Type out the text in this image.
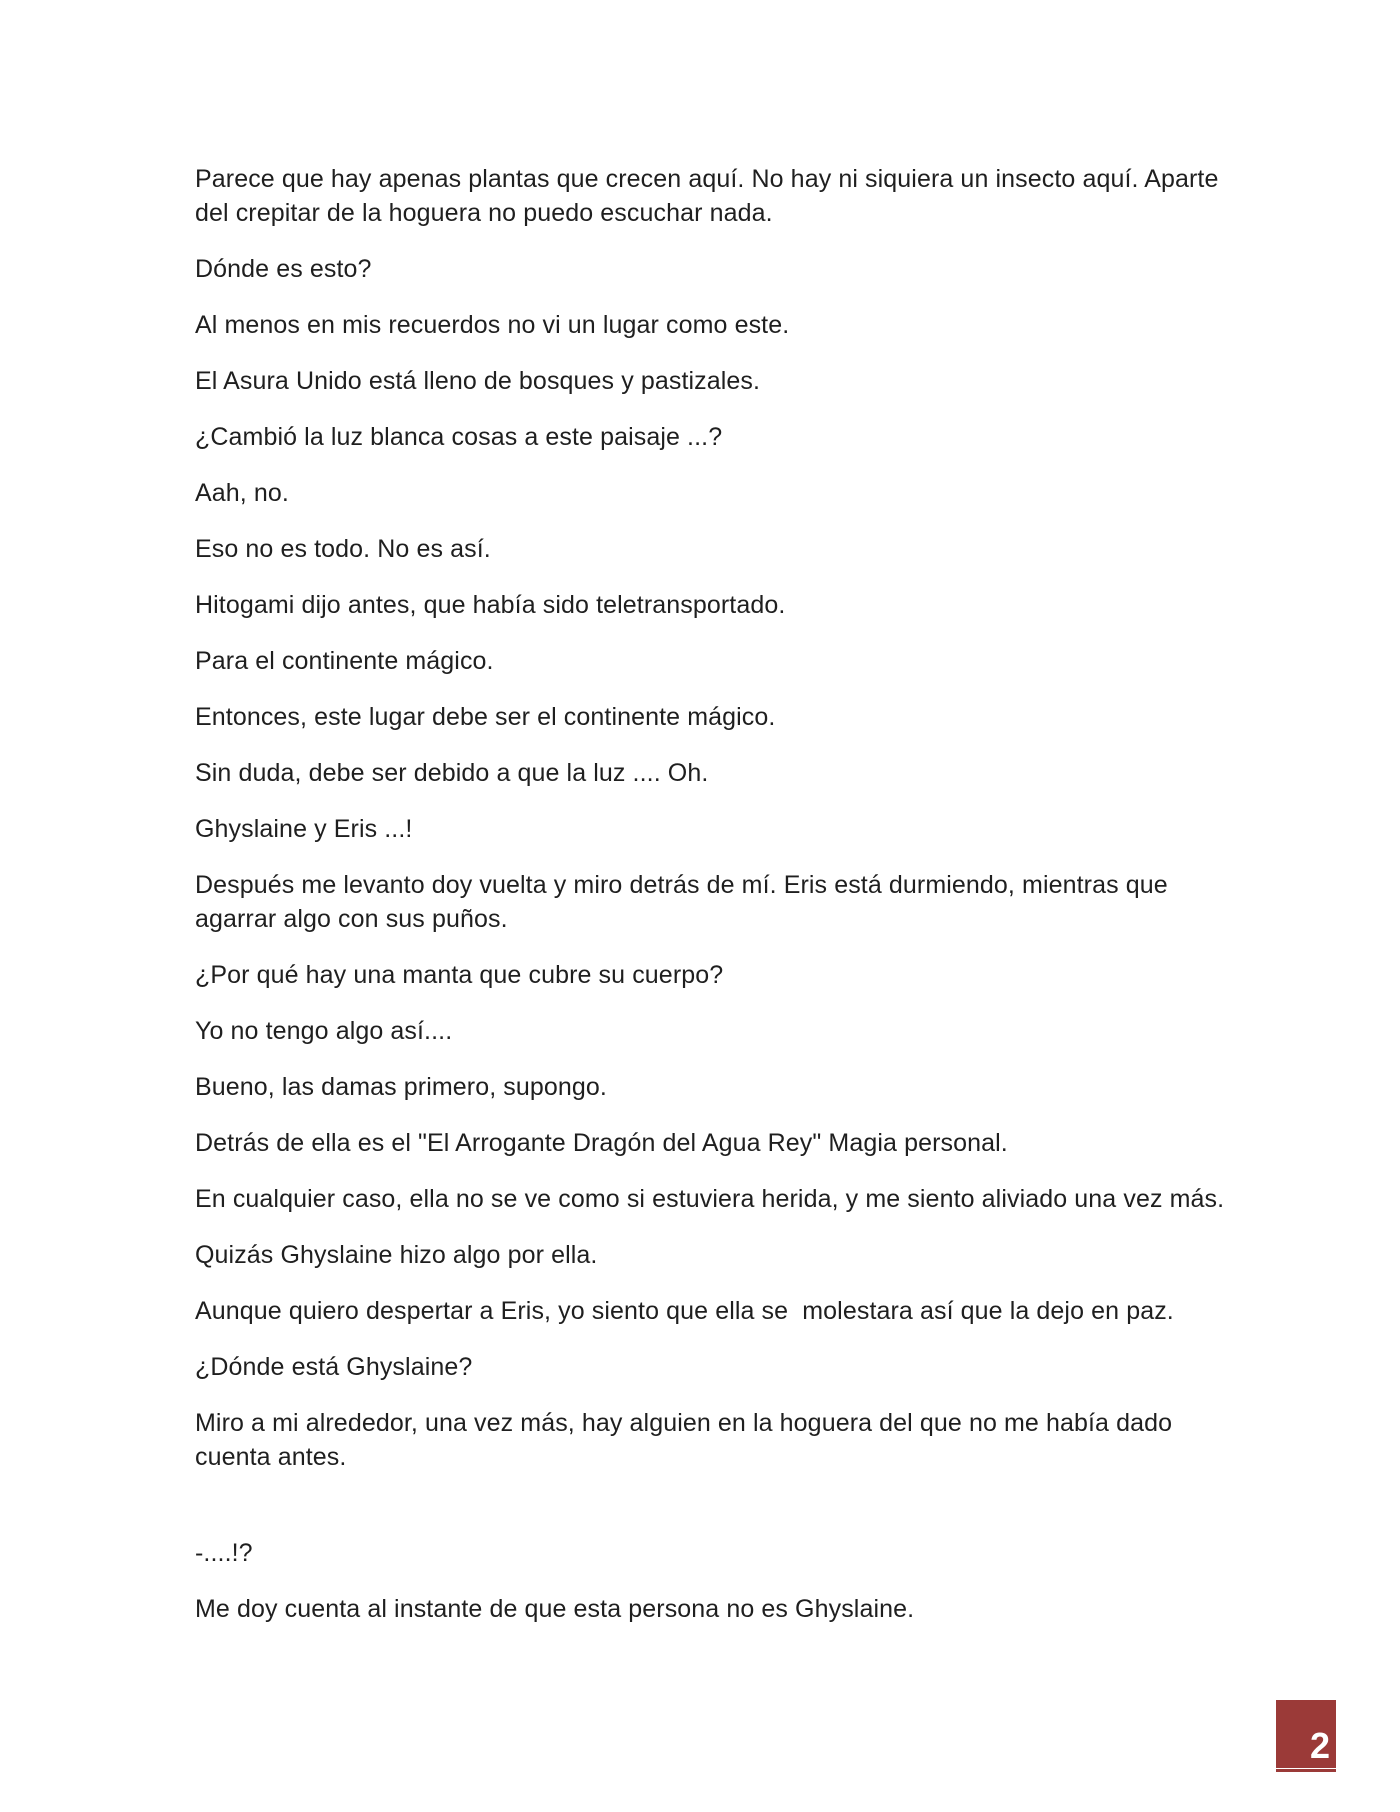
Parece que hay apenas plantas que crecen aquí. No hay ni siquiera un insecto aquí. Aparte del crepitar de la hoguera no puedo escuchar nada.

Dónde es esto?

Al menos en mis recuerdos no vi un lugar como este.

El Asura Unido está lleno de bosques y pastizales.

¿Cambió la luz blanca cosas a este paisaje ...?

Aah, no.

Eso no es todo. No es así.

Hitogami dijo antes, que había sido teletransportado.

Para el continente mágico.

Entonces, este lugar debe ser el continente mágico.

Sin duda, debe ser debido a que la luz .... Oh.

Ghyslaine y Eris ...!

Después me levanto doy vuelta y miro detrás de mí. Eris está durmiendo, mientras que agarrar algo con sus puños.

¿Por qué hay una manta que cubre su cuerpo?

Yo no tengo algo así....

Bueno, las damas primero, supongo.

Detrás de ella es el "El Arrogante Dragón del Agua Rey" Magia personal.

En cualquier caso, ella no se ve como si estuviera herida, y me siento aliviado una vez más.

Quizás Ghyslaine hizo algo por ella.

Aunque quiero despertar a Eris, yo siento que ella se  molestara así que la dejo en paz.

¿Dónde está Ghyslaine?

Miro a mi alrededor, una vez más, hay alguien en la hoguera del que no me había dado cuenta antes.

-....!?

Me doy cuenta al instante de que esta persona no es Ghyslaine.

2
